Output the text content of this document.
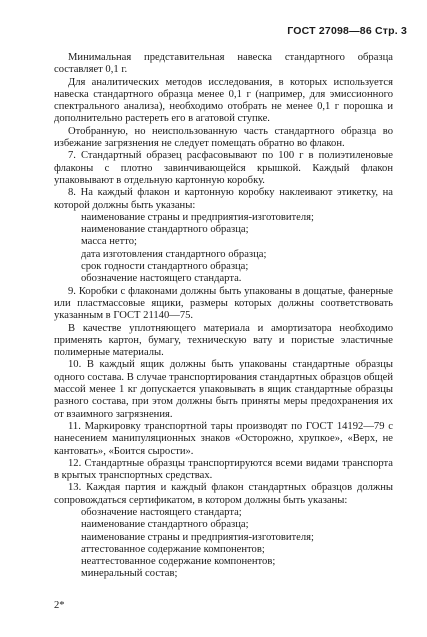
ГОСТ 27098—86 Стр. 3

Минимальная представительная навеска стандартного образца составляет 0,1 г.

Для аналитических методов исследования, в которых используется навеска стандартного образца менее 0,1 г (например, для эмиссионного спектрального анализа), необходимо отобрать не менее 0,1 г порошка и дополнительно растереть его в агатовой ступке.

Отобранную, но неиспользованную часть стандартного образца во избежание загрязнения не следует помещать обратно во флакон.

7. Стандартный образец расфасовывают по 100 г в полиэтиленовые флаконы с плотно завинчивающейся крышкой. Каждый флакон упаковывают в отдельную картонную коробку.

8. На каждый флакон и картонную коробку наклеивают этикетку, на которой должны быть указаны:

наименование страны и предприятия-изготовителя;

наименование стандартного образца;

масса нетто;

дата изготовления стандартного образца;

срок годности стандартного образца;

обозначение настоящего стандарта.

9. Коробки с флаконами должны быть упакованы в дощатые, фанерные или пластмассовые ящики, размеры которых должны соответствовать указанным в ГОСТ 21140—75.

В качестве уплотняющего материала и амортизатора необходимо применять картон, бумагу, техническую вату и пористые эластичные полимерные материалы.

10. В каждый ящик должны быть упакованы стандартные образцы одного состава. В случае транспортирования стандартных образцов общей массой менее 1 кг допускается упаковывать в ящик стандартные образцы разного состава, при этом должны быть приняты меры предохранения их от взаимного загрязнения.

11. Маркировку транспортной тары производят по ГОСТ 14192—79 с нанесением манипуляционных знаков «Осторожно, хрупкое», «Верх, не кантовать», «Боится сырости».

12. Стандартные образцы транспортируются всеми видами транспорта в крытых транспортных средствах.

13. Каждая партия и каждый флакон стандартных образцов должны сопровождаться сертификатом, в котором должны быть указаны:

обозначение настоящего стандарта;

наименование стандартного образца;

наименование страны и предприятия-изготовителя;

аттестованное содержание компонентов;

неаттестованное содержание компонентов;

минеральный состав;

2*
